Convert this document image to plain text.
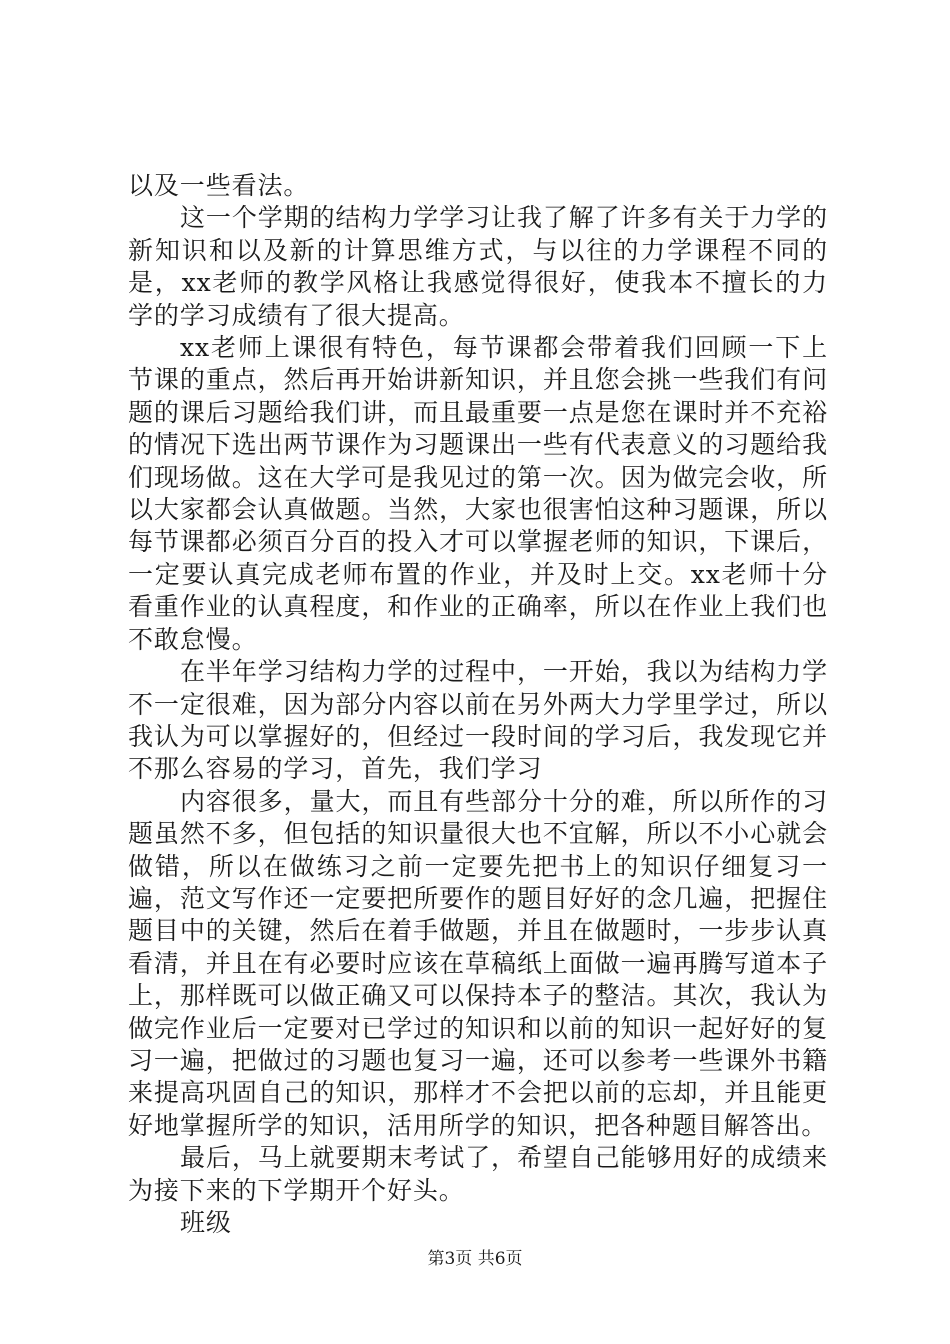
以及一些看法。

这一个学期的结构力学学习让我了解了许多有关于力学的新知识和以及新的计算思维方式，与以往的力学课程不同的是，xx老师的教学风格让我感觉得很好，使我本不擅长的力学的学习成绩有了很大提高。

xx老师上课很有特色，每节课都会带着我们回顾一下上节课的重点，然后再开始讲新知识，并且您会挑一些我们有问题的课后习题给我们讲，而且最重要一点是您在课时并不充裕的情况下选出两节课作为习题课出一些有代表意义的习题给我们现场做。这在大学可是我见过的第一次。因为做完会收，所以大家都会认真做题。当然，大家也很害怕这种习题课，所以每节课都必须百分百的投入才可以掌握老师的知识，下课后，一定要认真完成老师布置的作业，并及时上交。xx老师十分看重作业的认真程度，和作业的正确率，所以在作业上我们也不敢怠慢。

在半年学习结构力学的过程中，一开始，我以为结构力学不一定很难，因为部分内容以前在另外两大力学里学过，所以我认为可以掌握好的，但经过一段时间的学习后，我发现它并不那么容易的学习，首先，我们学习

内容很多，量大，而且有些部分十分的难，所以所作的习题虽然不多，但包括的知识量很大也不宜解，所以不小心就会做错，所以在做练习之前一定要先把书上的知识仔细复习一遍，范文写作还一定要把所要作的题目好好的念几遍，把握住题目中的关键，然后在着手做题，并且在做题时，一步步认真看清，并且在有必要时应该在草稿纸上面做一遍再腾写道本子上，那样既可以做正确又可以保持本子的整洁。其次，我认为做完作业后一定要对已学过的知识和以前的知识一起好好的复习一遍，把做过的习题也复习一遍，还可以参考一些课外书籍来提高巩固自己的知识，那样才不会把以前的忘却，并且能更好地掌握所学的知识，活用所学的知识，把各种题目解答出。

最后，马上就要期末考试了，希望自己能够用好的成绩来为接下来的下学期开个好头。

班级

第3页 共6页
